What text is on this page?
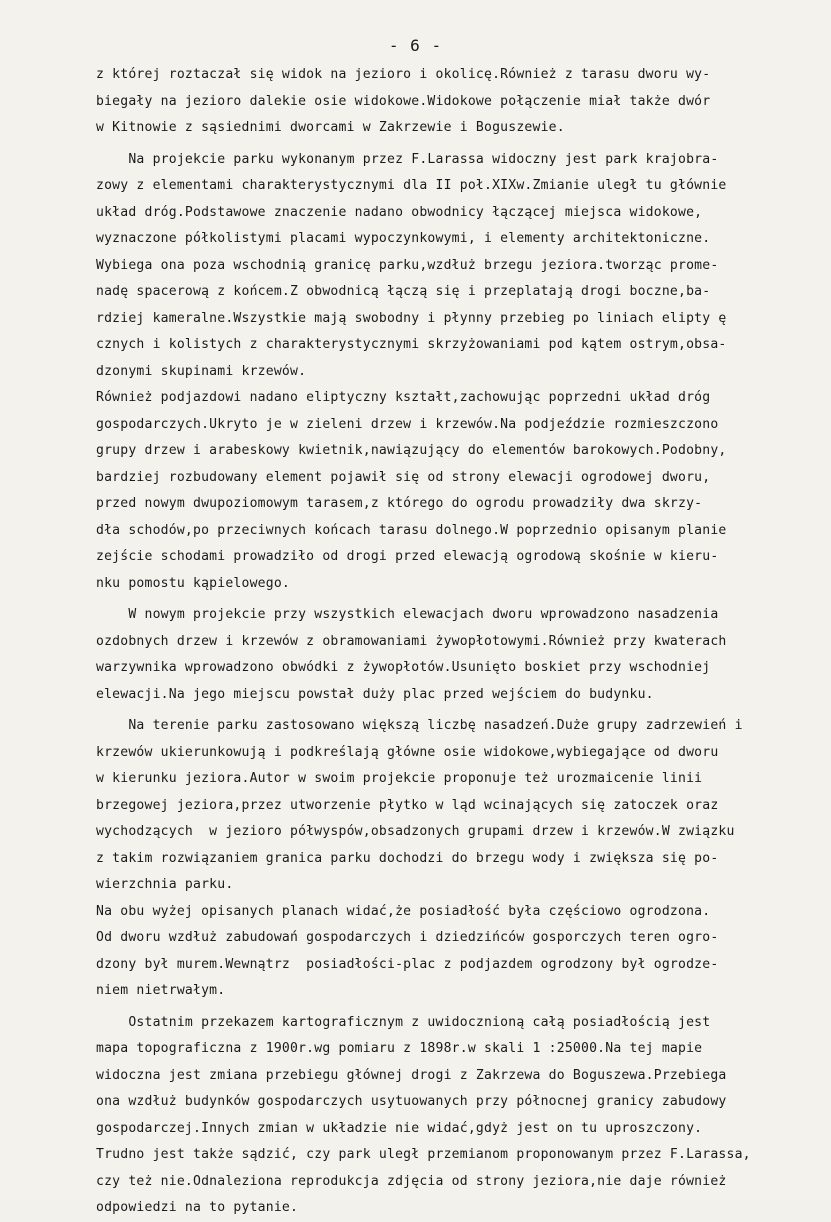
- 6 -
z której roztaczał się widok na jezioro i okolicę.Również z tarasu dworu wy-
biegały na jezioro dalekie osie widokowe.Widokowe połączenie miał także dwór
w Kitnowie z sąsiednimi dworcami w Zakrzewie i Boguszewie.
Na projekcie parku wykonanym przez F.Larassa widoczny jest park krajobra-
zowy z elementami charakterystycznymi dla II poł.XIXw.Zmianie uległ tu głównie
układ dróg.Podstawowe znaczenie nadano obwodnicy łączącej miejsca widokowe,
wyznaczone półkolistymi placami wypoczynkowymi, i elementy architektoniczne.
Wybiega ona poza wschodnią granicę parku,wzdłuż brzegu jeziora.tworząc prome-
nadę spacerową z końcem.Z obwodnicą łączą się i przeplatają drogi boczne,ba-
rdziej kameralne.Wszystkie mają swobodny i płynny przebieg po liniach elipty ę
cznych i kolistych z charakterystycznymi skrzyżowaniami pod kątem ostrym,obsa-
dzonymi skupinami krzewów.
Również podjazdowi nadano eliptyczny kształt,zachowując poprzedni układ dróg
gospodarczych.Ukryto je w zieleni drzew i krzewów.Na podjeździe rozmieszczono
grupy drzew i arabeskowy kwietnik,nawiązujący do elementów barokowych.Podobny,
bardziej rozbudowany element pojawił się od strony elewacji ogrodowej dworu,
przed nowym dwupoziomowym tarasem,z którego do ogrodu prowadziły dwa skrzy-
dła schodów,po przeciwnych końcach tarasu dolnego.W poprzednio opisanym planie
zejście schodami prowadziło od drogi przed elewacją ogrodową skośnie w kieru-
nku pomostu kąpielowego.
W nowym projekcie przy wszystkich elewacjach dworu wprowadzono nasadzenia
ozdobnych drzew i krzewów z obramowaniami żywopłotowymi.Również przy kwaterach
warzywnika wprowadzono obwódki z żywopłotów.Usunięto boskiet przy wschodniej
elewacji.Na jego miejscu powstał duży plac przed wejściem do budynku.
Na terenie parku zastosowano większą liczbę nasadzeń.Duże grupy zadrzewień i
krzewów ukierunkowują i podkreślają główne osie widokowe,wybiegające od dworu
w kierunku jeziora.Autor w swoim projekcie proponuje też urozmaicenie linii
brzegowej jeziora,przez utworzenie płytko w ląd wcinających się zatoczek oraz
wychodzących  w jezioro półwyspów,obsadzonych grupami drzew i krzewów.W związku
z takim rozwiązaniem granica parku dochodzi do brzegu wody i zwiększa się po-
wierzchnia parku.
Na obu wyżej opisanych planach widać,że posiadłość była częściowo ogrodzona.
Od dworu wzdłuż zabudowań gospodarczych i dziedzińców gosporczych teren ogro-
dzony był murem.Wewnątrz  posiadłości-plac z podjazdem ogrodzony był ogrodze-
niem nietrwałym.
Ostatnim przekazem kartograficznym z uwidocznioną całą posiadłością jest
mapa topograficzna z 1900r.wg pomiaru z 1898r.w skali 1 :25000.Na tej mapie
widoczna jest zmiana przebiegu głównej drogi z Zakrzewa do Boguszewa.Przebiega
ona wzdłuż budynków gospodarczych usytuowanych przy północnej granicy zabudowy
gospodarczej.Innych zmian w układzie nie widać,gdyż jest on tu uproszczony.
Trudno jest także sądzić, czy park uległ przemianom proponowanym przez F.Larassa,
czy też nie.Odnaleziona reprodukcja zdjęcia od strony jeziora,nie daje również
odpowiedzi na to pytanie.
